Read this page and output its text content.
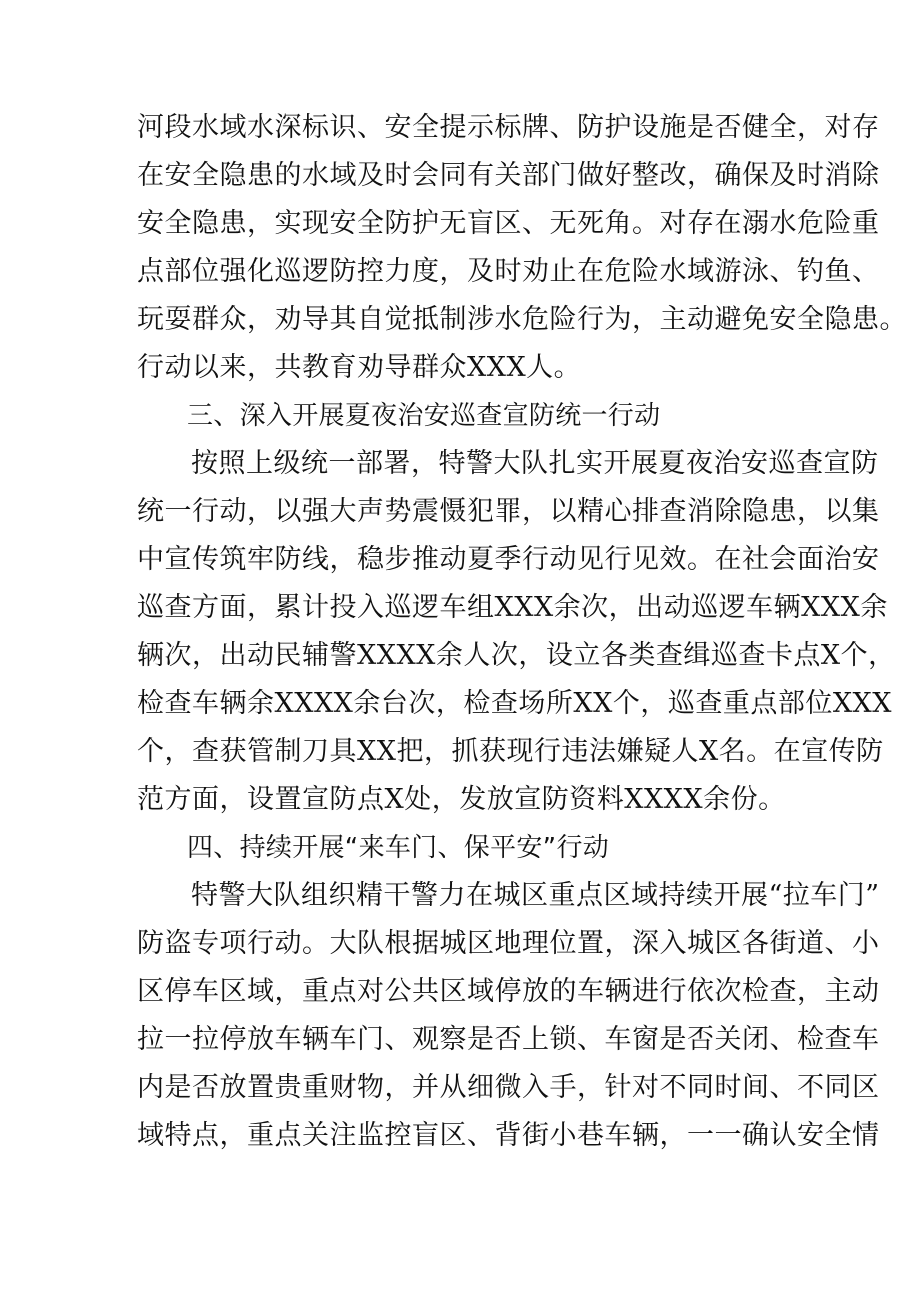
河段水域水深标识、安全提示标牌、防护设施是否健全，对存
在安全隐患的水域及时会同有关部门做好整改，确保及时消除
安全隐患，实现安全防护无盲区、无死角。对存在溺水危险重
点部位强化巡逻防控力度，及时劝止在危险水域游泳、钓鱼、
玩耍群众，劝导其自觉抵制涉水危险行为，主动避免安全隐患。
行动以来，共教育劝导群众XXX人。
三、深入开展夏夜治安巡查宣防统一行动
按照上级统一部署，特警大队扎实开展夏夜治安巡查宣防
统一行动，以强大声势震慑犯罪，以精心排查消除隐患，以集
中宣传筑牢防线，稳步推动夏季行动见行见效。在社会面治安
巡查方面，累计投入巡逻车组XXX余次，出动巡逻车辆XXX余
辆次，出动民辅警XXXX余人次，设立各类查缉巡查卡点X个，
检查车辆余XXXX余台次，检查场所XX个，巡查重点部位XXX
个，查获管制刀具XX把，抓获现行违法嫌疑人X名。在宣传防
范方面，设置宣防点X处，发放宣防资料XXXX余份。
四、持续开展“来车门、保平安”行动
特警大队组织精干警力在城区重点区域持续开展“拉车门”
防盗专项行动。大队根据城区地理位置，深入城区各街道、小
区停车区域，重点对公共区域停放的车辆进行依次检查，主动
拉一拉停放车辆车门、观察是否上锁、车窗是否关闭、检查车
内是否放置贵重财物，并从细微入手，针对不同时间、不同区
域特点，重点关注监控盲区、背街小巷车辆，一一确认安全情
